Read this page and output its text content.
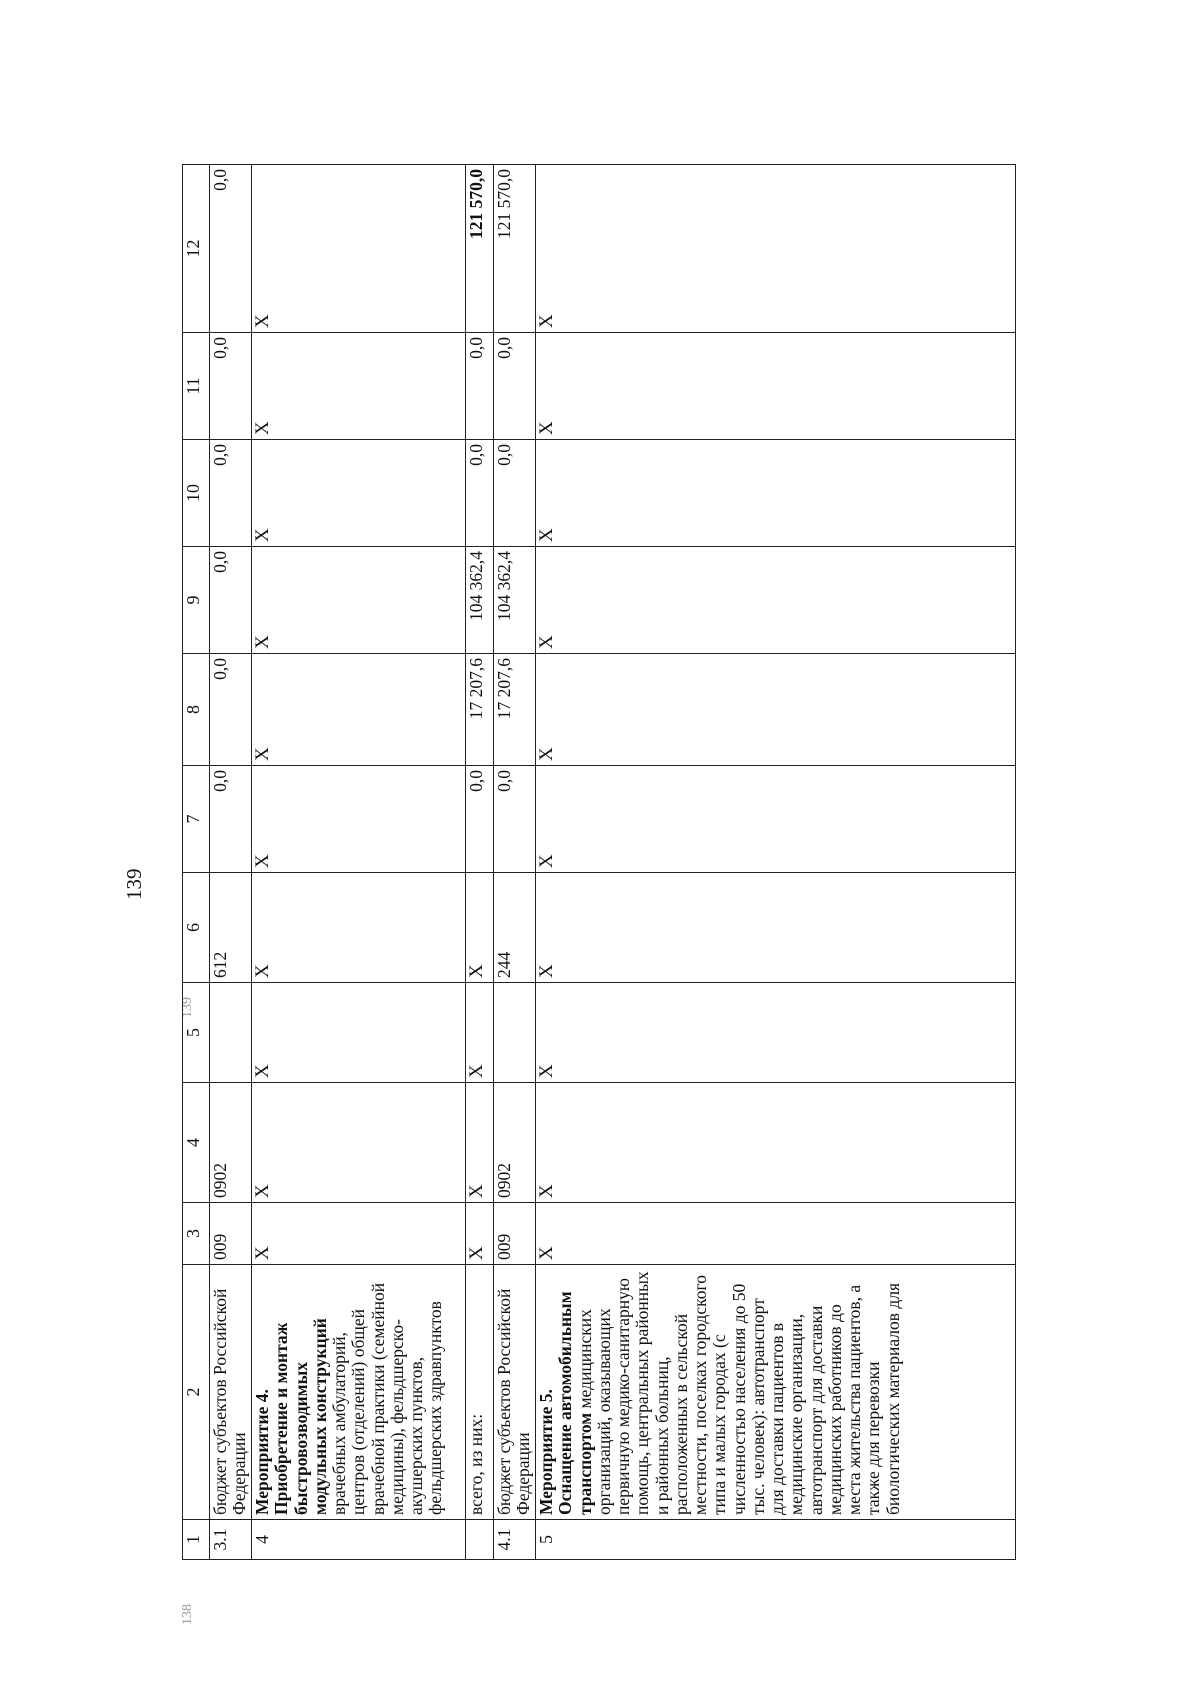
139
138
139
1	2	3	4	5	6	7	8	9	10	11	12
3.1	бюджет субъектов Российской Федерации	009	0902		612	0,0	0,0	0,0	0,0	0,0	0,0
4	Мероприятие 4. Приобретение и монтаж быстровозводимых модульных конструкций врачебных амбулаторий, центров (отделений) общей врачебной практики (семейной медицины), фельдшерско-акушерских пунктов, фельдшерских здравпунктов	Х	Х	Х	Х	Х	Х	Х	Х	Х	Х
	всего, из них:	Х	Х	Х	Х	0,0	17 207,6	104 362,4	0,0	0,0	121 570,0
4.1	бюджет субъектов Российской Федерации	009	0902		244	0,0	17 207,6	104 362,4	0,0	0,0	121 570,0
5	Мероприятие 5. Оснащение автомобильным транспортом медицинских организаций, оказывающих первичную медико-санитарную помощь, центральных районных и районных больниц, расположенных в сельской местности, поселках городского типа и малых городах (с численностью населения до 50 тыс. человек): автотранспорт для доставки пациентов в медицинские организации, автотранспорт для доставки медицинских работников до места жительства пациентов, а также для перевозки биологических материалов для	Х	Х	Х	Х	Х	Х	Х	Х	Х	Х
